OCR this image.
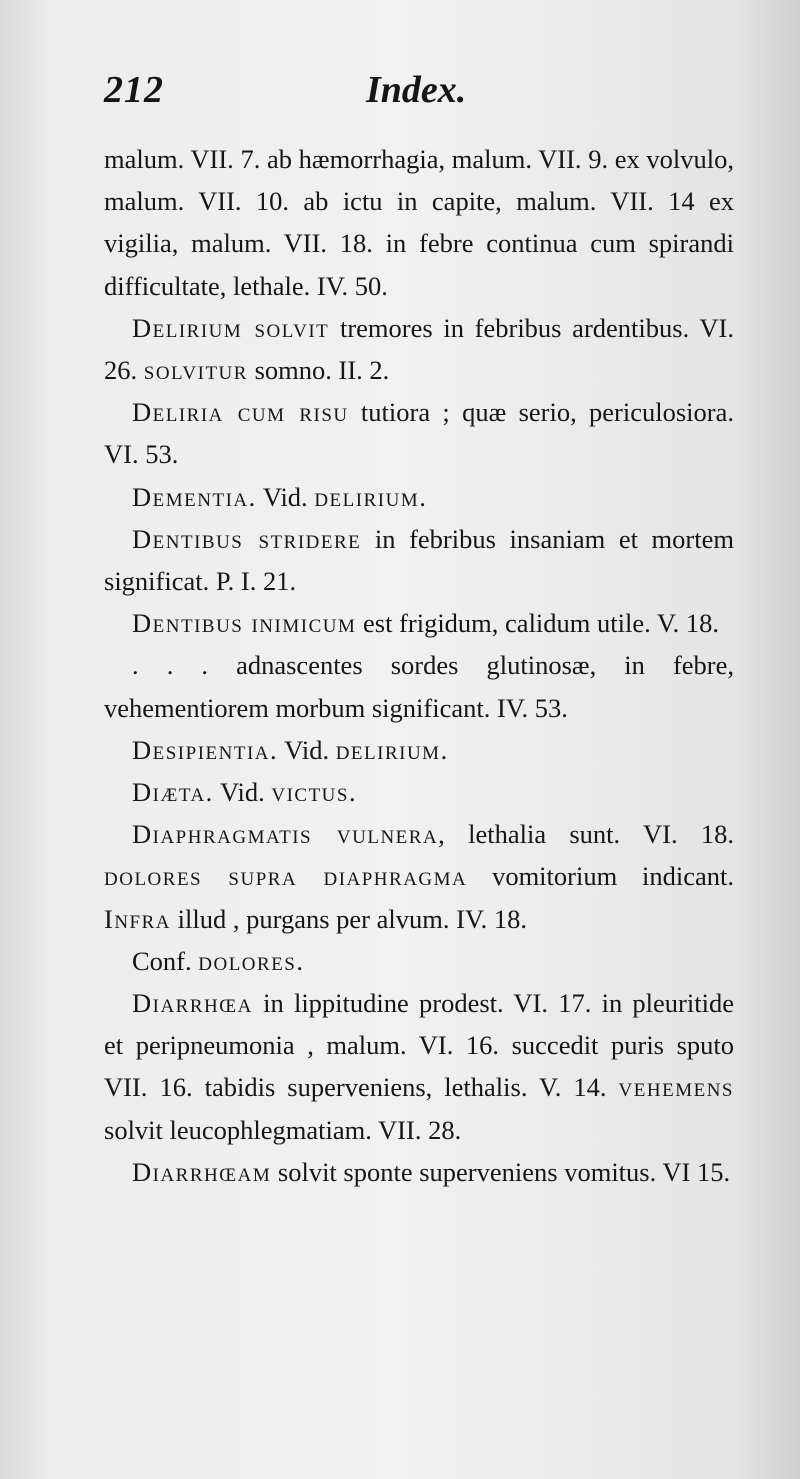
212	Index.

malum. VII. 7. ab hæmorrhagia, malum. VII. 9. ex volvulo, malum. VII. 10. ab ictu in capite, malum. VII. 14 ex vigilia, malum. VII. 18. in febre continua cum spirandi difficultate, lethale. IV. 50.

Delirium solvit tremores in febribus ardentibus. VI. 26. solvitur somno. II. 2.

Deliria cum risu tutiora ; quæ serio, periculosiora. VI. 53.

Dementia. Vid. delirium.

Dentibus stridere in febribus insaniam et mortem significat. P. I. 21.

Dentibus inimicum est frigidum, calidum utile. V. 18.

. . . adnascentes sordes glutinosæ, in febre, vehementiorem morbum significant. IV. 53.

Desipientia. Vid. delirium.

Diæta. Vid. victus.

Diaphragmatis vulnera, lethalia sunt. VI. 18. dolores supra diaphragma vomitorium indicant. Infra illud , purgans per alvum. IV. 18.

Conf. dolores.

Diarrhœa in lippitudine prodest. VI. 17. in pleuritide et peripneumonia , malum. VI. 16. succedit puris sputo VII. 16. tabidis superveniens, lethalis. V. 14. vehemens solvit leucophlegmatiam. VII. 28.

Diarrhœam solvit sponte superveniens vomitus. VI 15.
